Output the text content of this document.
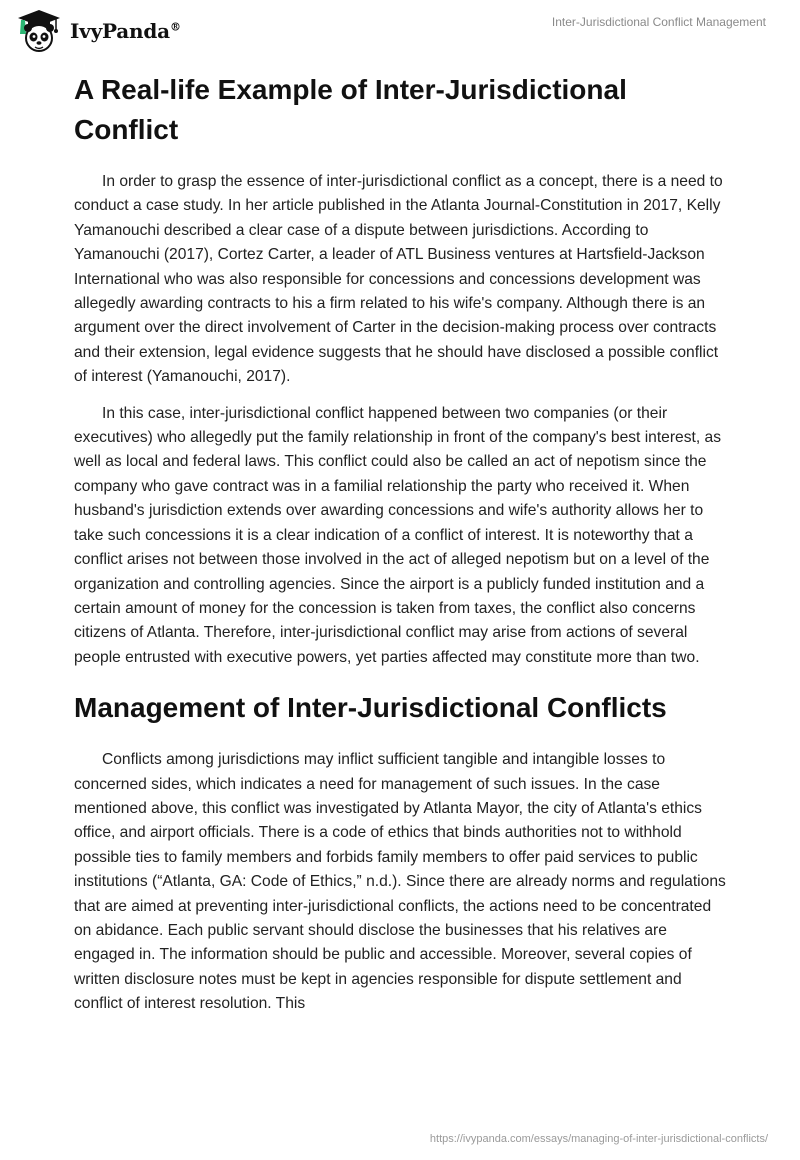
IvyPanda®	Inter-Jurisdictional Conflict Management
A Real-life Example of Inter-Jurisdictional Conflict

In order to grasp the essence of inter-jurisdictional conflict as a concept, there is a need to conduct a case study. In her article published in the Atlanta Journal-Constitution in 2017, Kelly Yamanouchi described a clear case of a dispute between jurisdictions. According to Yamanouchi (2017), Cortez Carter, a leader of ATL Business ventures at Hartsfield-Jackson International who was also responsible for concessions and concessions development was allegedly awarding contracts to his a firm related to his wife's company. Although there is an argument over the direct involvement of Carter in the decision-making process over contracts and their extension, legal evidence suggests that he should have disclosed a possible conflict of interest (Yamanouchi, 2017).

In this case, inter-jurisdictional conflict happened between two companies (or their executives) who allegedly put the family relationship in front of the company's best interest, as well as local and federal laws. This conflict could also be called an act of nepotism since the company who gave contract was in a familial relationship the party who received it. When husband's jurisdiction extends over awarding concessions and wife's authority allows her to take such concessions it is a clear indication of a conflict of interest. It is noteworthy that a conflict arises not between those involved in the act of alleged nepotism but on a level of the organization and controlling agencies. Since the airport is a publicly funded institution and a certain amount of money for the concession is taken from taxes, the conflict also concerns citizens of Atlanta. Therefore, inter-jurisdictional conflict may arise from actions of several people entrusted with executive powers, yet parties affected may constitute more than two.

Management of Inter-Jurisdictional Conflicts

Conflicts among jurisdictions may inflict sufficient tangible and intangible losses to concerned sides, which indicates a need for management of such issues. In the case mentioned above, this conflict was investigated by Atlanta Mayor, the city of Atlanta's ethics office, and airport officials. There is a code of ethics that binds authorities not to withhold possible ties to family members and forbids family members to offer paid services to public institutions (“Atlanta, GA: Code of Ethics,” n.d.). Since there are already norms and regulations that are aimed at preventing inter-jurisdictional conflicts, the actions need to be concentrated on abidance. Each public servant should disclose the businesses that his relatives are engaged in. The information should be public and accessible. Moreover, several copies of written disclosure notes must be kept in agencies responsible for dispute settlement and conflict of interest resolution. This

https://ivypanda.com/essays/managing-of-inter-jurisdictional-conflicts/
